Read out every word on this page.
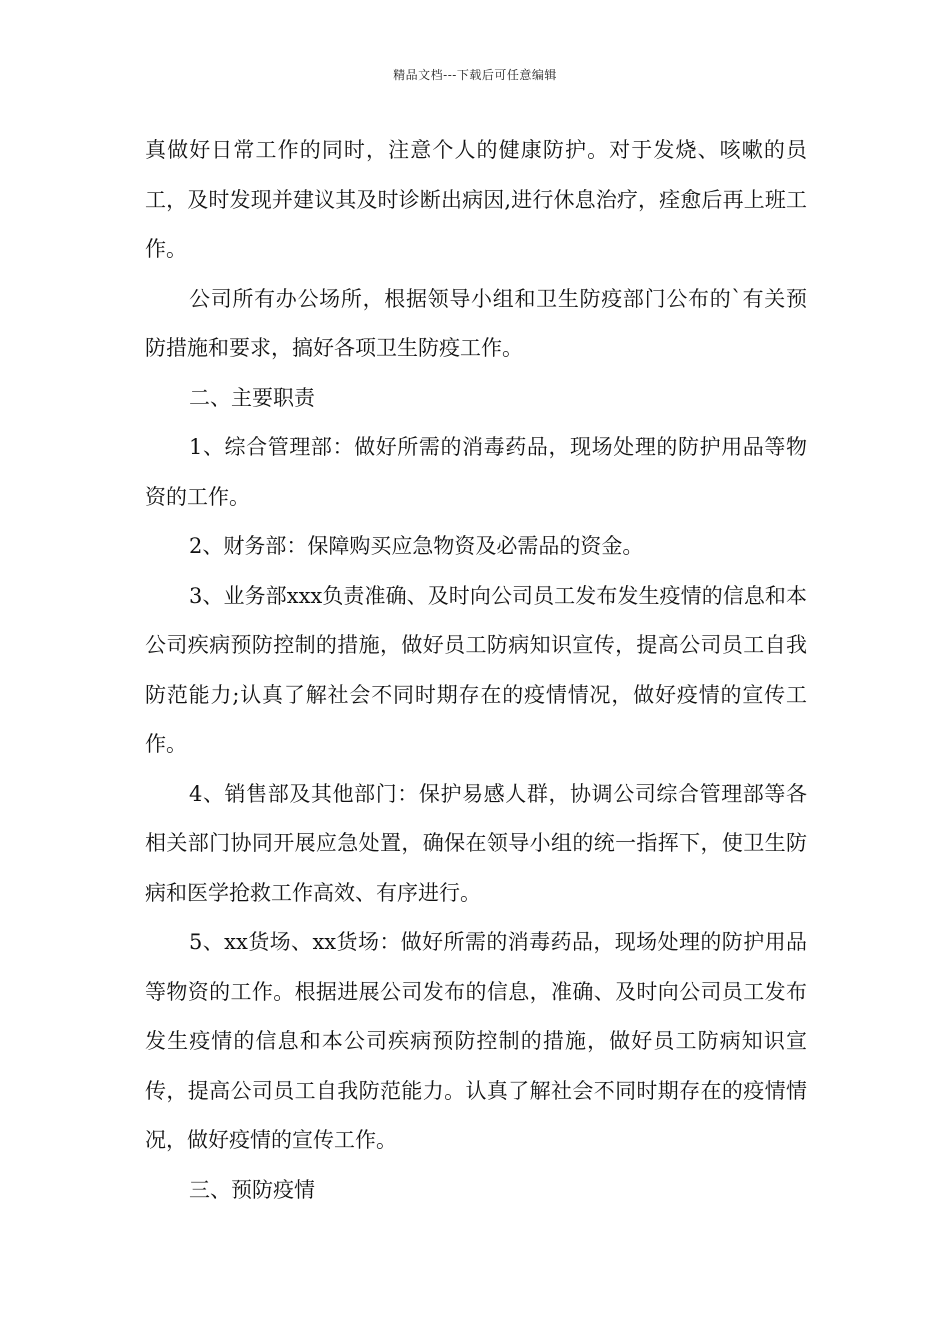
精品文档---下载后可任意编辑

真做好日常工作的同时，注意个人的健康防护。对于发烧、咳嗽的员工，及时发现并建议其及时诊断出病因,进行休息治疗，痊愈后再上班工作。

公司所有办公场所，根据领导小组和卫生防疫部门公布的`有关预防措施和要求，搞好各项卫生防疫工作。

二、主要职责

1、综合管理部：做好所需的消毒药品，现场处理的防护用品等物资的工作。

2、财务部：保障购买应急物资及必需品的资金。

3、业务部xxx负责准确、及时向公司员工发布发生疫情的信息和本公司疾病预防控制的措施，做好员工防病知识宣传，提高公司员工自我防范能力;认真了解社会不同时期存在的疫情情况，做好疫情的宣传工作。

4、销售部及其他部门：保护易感人群，协调公司综合管理部等各相关部门协同开展应急处置，确保在领导小组的统一指挥下，使卫生防病和医学抢救工作高效、有序进行。

5、xx货场、xx货场：做好所需的消毒药品，现场处理的防护用品等物资的工作。根据进展公司发布的信息，准确、及时向公司员工发布发生疫情的信息和本公司疾病预防控制的措施，做好员工防病知识宣传，提高公司员工自我防范能力。认真了解社会不同时期存在的疫情情况，做好疫情的宣传工作。

三、预防疫情
